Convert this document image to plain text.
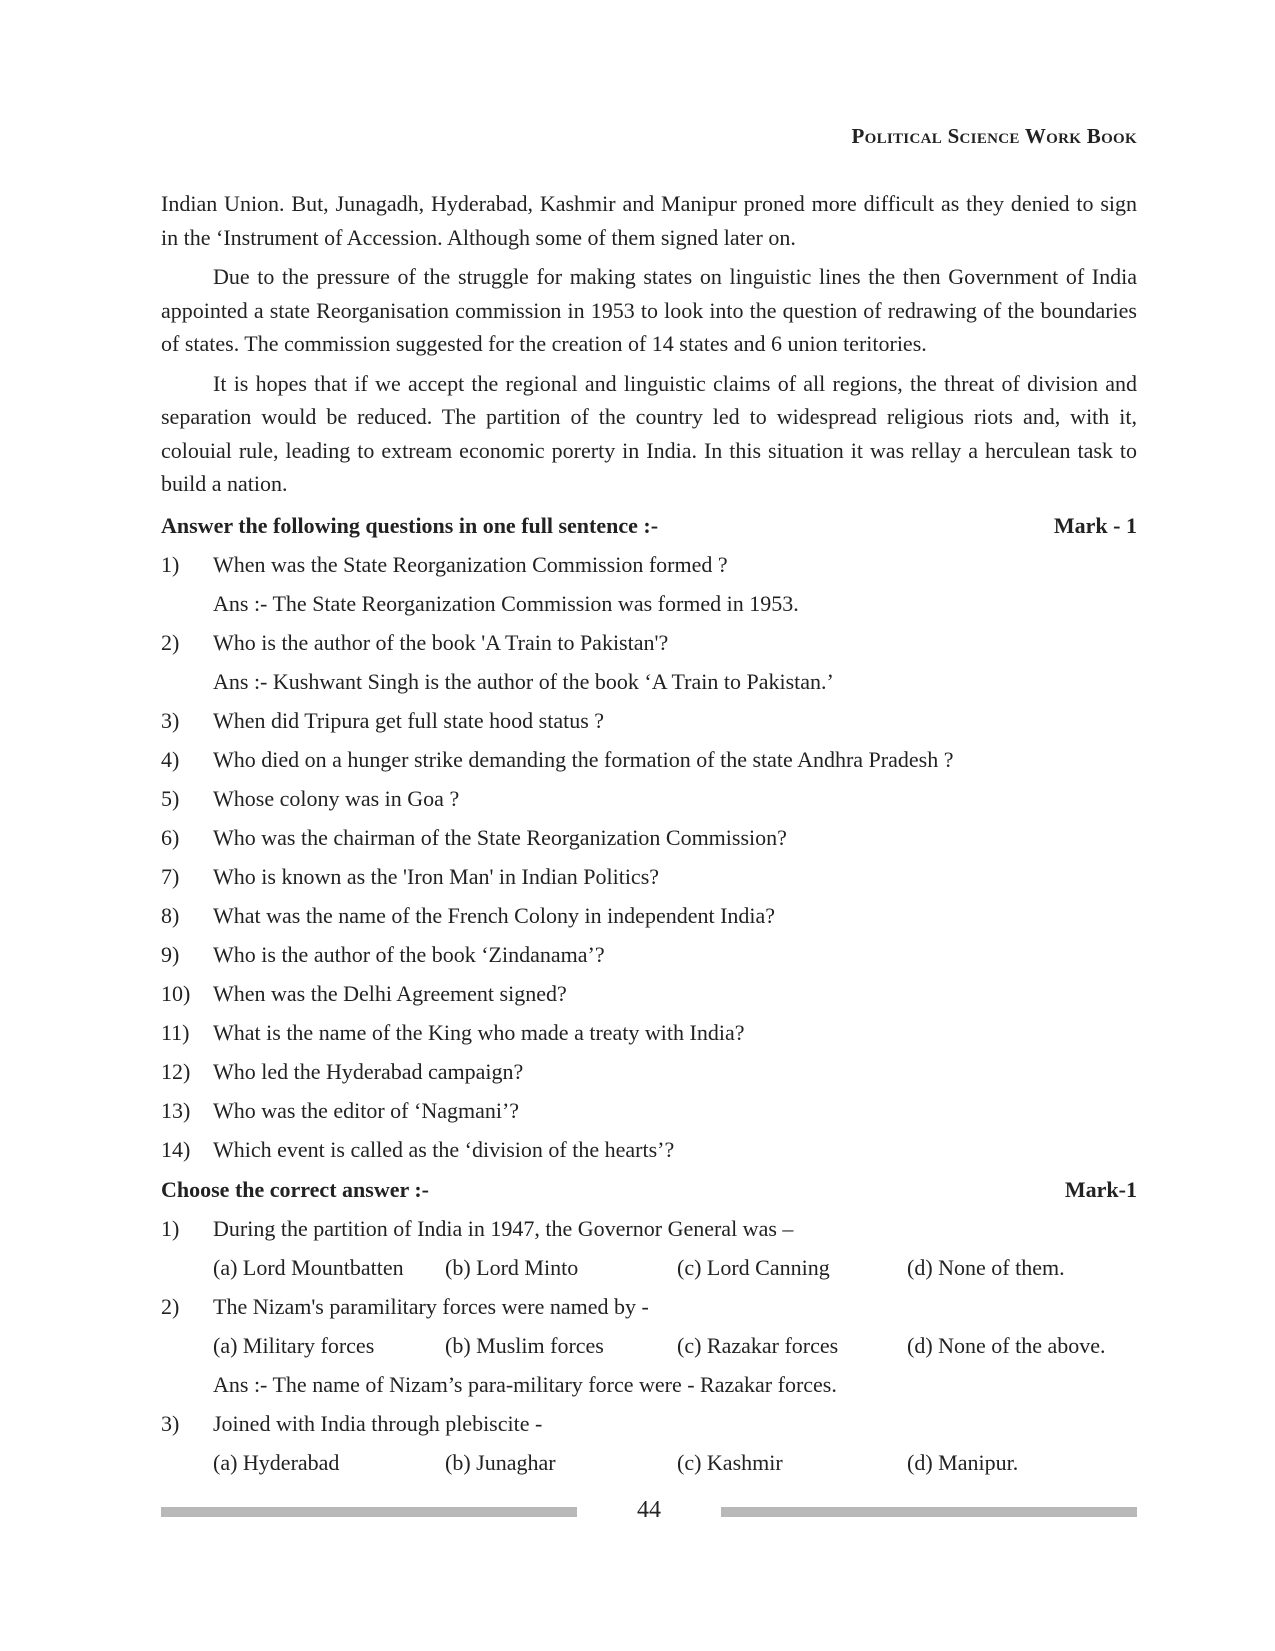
Political Science Work Book

Indian Union. But, Junagadh, Hyderabad, Kashmir and Manipur proned more difficult as they denied to sign in the ‘Instrument of Accession. Although some of them signed later on.

Due to the pressure of the struggle for making states on linguistic lines the then Government of India appointed a state Reorganisation commission in 1953 to look into the question of redrawing of the boundaries of states. The commission suggested for the creation of 14 states and 6 union teritories.

It is hopes that if we accept the regional and linguistic claims of all regions, the threat of division and separation would be reduced. The partition of the country led to widespread religious riots and, with it, colouial rule, leading to extream economic porerty in India. In this situation it was rellay a herculean task to build a nation.

Answer the following questions in one full sentence :-	Mark - 1
1)	When was the State Reorganization Commission formed ?
Ans :- The State Reorganization Commission was formed in 1953.
2)	Who is the author of the book 'A Train to Pakistan'?
Ans :- Kushwant Singh is the author of the book ‘A Train to Pakistan.’
3)	When did Tripura get full state hood status ?
4)	Who died on a hunger strike demanding the formation of the state Andhra Pradesh ?
5)	Whose colony was in Goa ?
6)	Who was the chairman of the State Reorganization Commission?
7)	Who is known as the 'Iron Man' in Indian Politics?
8)	What was the name of the French Colony in independent India?
9)	Who is the author of the book ‘Zindanama’?
10)	When was the Delhi Agreement signed?
11)	What is the name of the King who made a treaty with India?
12)	Who led the Hyderabad campaign?
13)	Who was the editor of ‘Nagmani’?
14)	Which event is called as the ‘division of the hearts’?
Choose the correct answer :-	Mark-1
1)	During the partition of India in 1947, the Governor General was –
(a) Lord Mountbatten	(b) Lord Minto	(c) Lord Canning	(d) None of them.
2)	The Nizam's paramilitary forces were named by -
(a) Military forces	(b) Muslim forces	(c) Razakar forces	(d) None of the above.
Ans :- The name of Nizam’s para-military force were - Razakar forces.
3)	Joined with India through plebiscite -
(a) Hyderabad	(b) Junaghar	(c) Kashmir	(d) Manipur.
44
